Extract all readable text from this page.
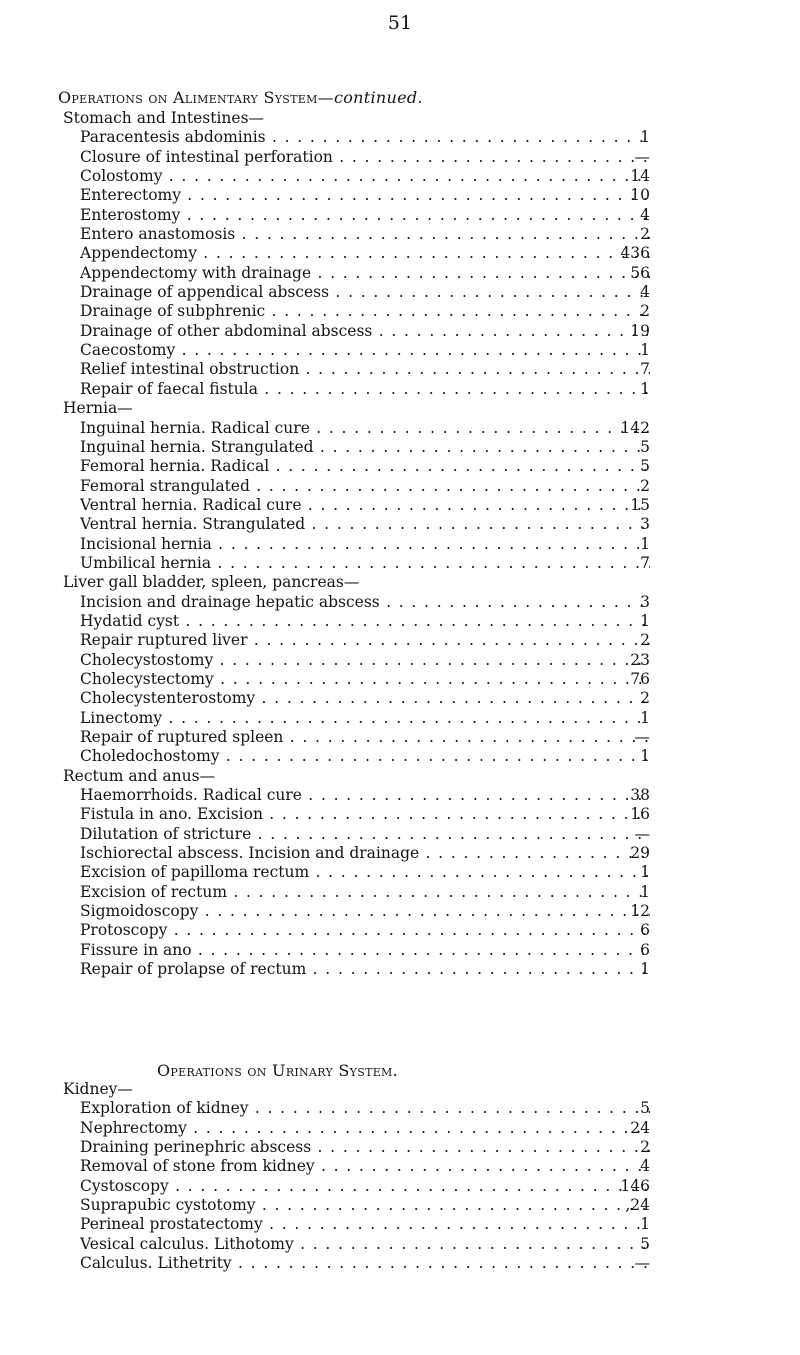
51
Operations on Alimentary System—continued.
Stomach and Intestines—
Paracentesis abdominis . . .	1
Closure of intestinal perforation . . .	—
Colostomy . . .	14
Enterectomy . . .	10
Enterostomy . . .	4
Entero anastomosis . . .	2
Appendectomy . . .	436
Appendectomy with drainage . . .	56
Drainage of appendical abscess . . .	4
Drainage of subphrenic . . .	2
Drainage of other abdominal abscess . . .	19
Caecostomy . . .	1
Relief intestinal obstruction . . .	7
Repair of faecal fistula . . .	1
Hernia—
Inguinal hernia. Radical cure . . .	142
Inguinal hernia. Strangulated . . .	5
Femoral hernia. Radical . . .	5
Femoral strangulated . . .	2
Ventral hernia. Radical cure . . .	15
Ventral hernia. Strangulated . . .	3
Incisional hernia . . .	1
Umbilical hernia . . .	7
Liver gall bladder, spleen, pancreas—
Incision and drainage hepatic abscess . . .	3
Hydatid cyst . . .	1
Repair ruptured liver . . .	2
Cholecystostomy . . .	23
Cholecystectomy . . .	76
Cholecystenterostomy . . .	2
Linectomy . . .	1
Repair of ruptured spleen . . .	—
Choledochostomy . . .	1
Rectum and anus—
Haemorrhoids. Radical cure . . .	38
Fistula in ano. Excision . . .	16
Dilutation of stricture . . .	—
Ischiorectal abscess. Incision and drainage . . .	29
Excision of papilloma rectum . . .	1
Excision of rectum . . .	1
Sigmoidoscopy . . .	12
Protoscopy . . .	6
Fissure in ano . . .	6
Repair of prolapse of rectum . . .	1
Operations on Urinary System.
Kidney—
Exploration of kidney . . .	5
Nephrectomy . . .	24
Draining perinephric abscess . . .	2
Removal of stone from kidney . . .	4
Cystoscopy . . .	146
Suprapubic cystotomy . . .	,24
Perineal prostatectomy . . .	1
Vesical calculus. Lithotomy . . .	5
Calculus. Lithetrity . . .	—
